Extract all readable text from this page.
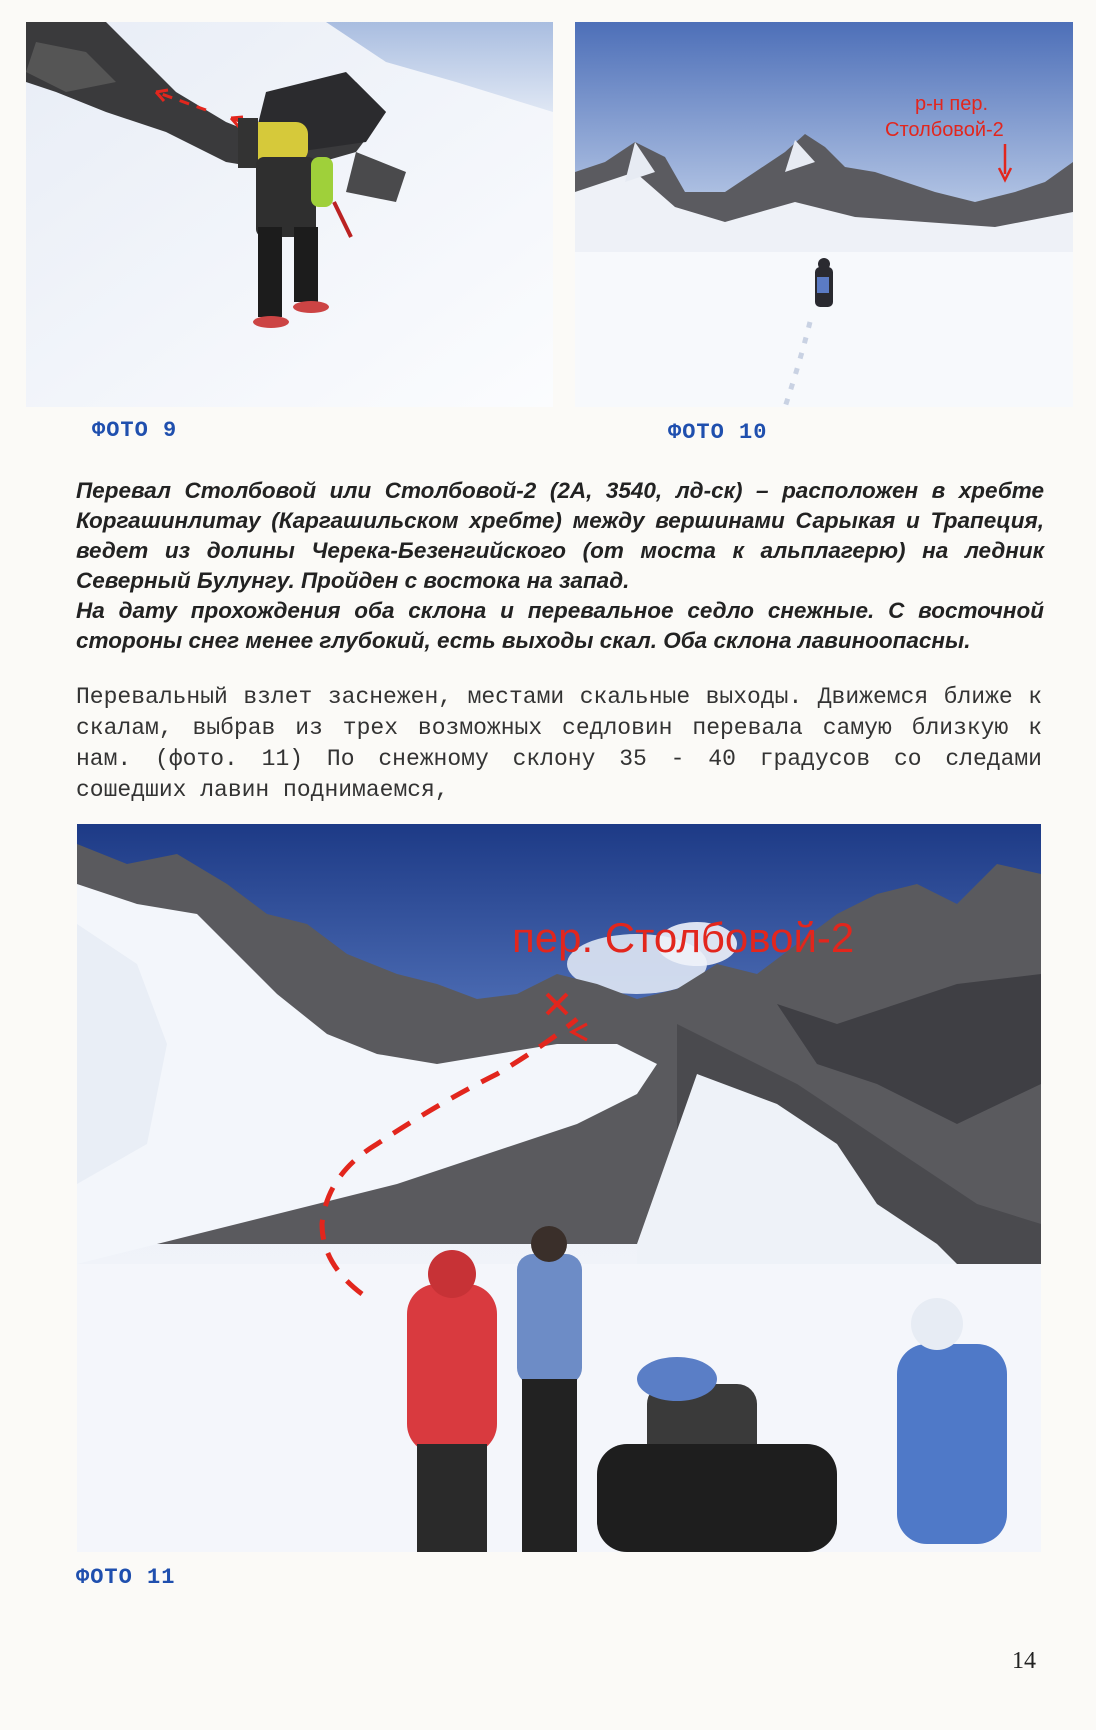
р-н пер.
Столбовой-2
ФОТО 9	ФОТО 10

Перевал Столбовой или Столбовой-2 (2А, 3540, лд-ск) – расположен в хребте Коргашинлитау (Каргашильском хребте) между вершинами Сарыкая и Трапеция, ведет из долины Черека-Безенгийского (от моста к альплагерю) на ледник Северный Булунгу. Пройден с востока на запад.

На дату прохождения оба склона и перевальное седло снежные. С восточной стороны снег менее глубокий, есть выходы скал. Оба склона лавиноопасны.

Перевальный взлет заснежен, местами скальные выходы. Движемся ближе к скалам, выбрав из трех возможных седловин перевала самую близкую к нам. (фото. 11) По снежному склону 35 - 40 градусов со следами сошедших лавин поднимаемся,

пер. Столбовой-2
ФОТО 11
14
